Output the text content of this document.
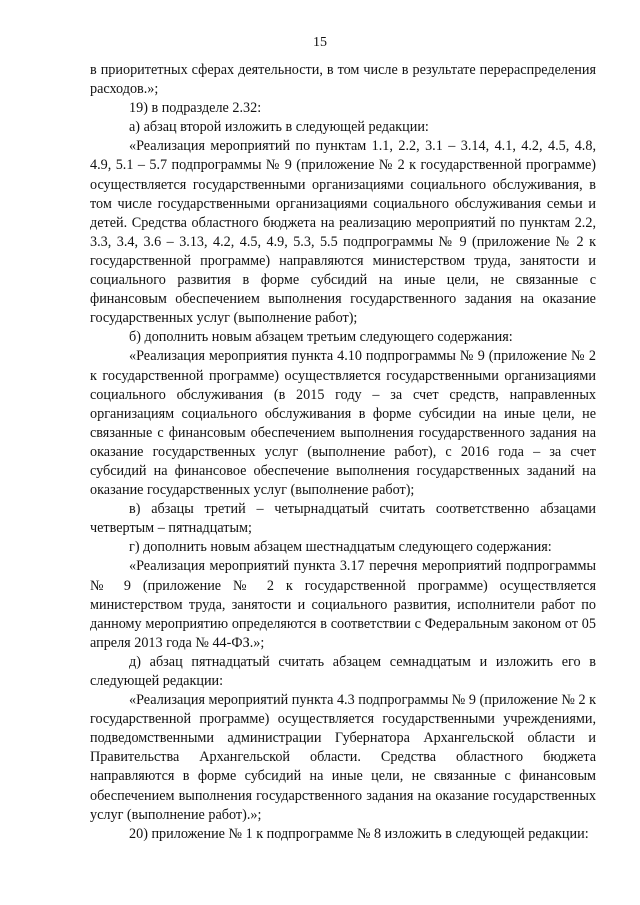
15

в приоритетных сферах деятельности, в том числе в результате перераспределения расходов.»;

19) в подразделе 2.32:

а) абзац второй изложить в следующей редакции:

«Реализация мероприятий по пунктам 1.1, 2.2, 3.1 – 3.14, 4.1, 4.2, 4.5, 4.8, 4.9, 5.1 – 5.7 подпрограммы № 9 (приложение № 2 к государственной программе) осуществляется государственными организациями социального обслуживания, в том числе государственными организациями социального обслуживания семьи и детей. Средства областного бюджета на реализацию мероприятий по пунктам 2.2, 3.3, 3.4, 3.6 – 3.13, 4.2, 4.5, 4.9, 5.3, 5.5 подпрограммы № 9 (приложение № 2 к государственной программе) направляются министерством труда, занятости и социального развития в форме субсидий на иные цели, не связанные с финансовым обеспечением выполнения государственного задания на оказание государственных услуг (выполнение работ);

б) дополнить новым абзацем третьим следующего содержания:

«Реализация мероприятия пункта 4.10 подпрограммы № 9 (приложение № 2 к государственной программе) осуществляется государственными организациями социального обслуживания (в 2015 году – за счет средств, направленных организациям социального обслуживания в форме субсидии на иные цели, не связанные с финансовым обеспечением выполнения государственного задания на оказание государственных услуг (выполнение работ), с 2016 года – за счет субсидий на финансовое обеспечение выполнения государственных заданий на оказание государственных услуг (выполнение работ);

в) абзацы третий – четырнадцатый считать соответственно абзацами четвертым – пятнадцатым;

г) дополнить новым абзацем шестнадцатым следующего содержания:

«Реализация мероприятий пункта 3.17 перечня мероприятий подпрограммы № 9 (приложение № 2 к государственной программе) осуществляется министерством труда, занятости и социального развития, исполнители работ по данному мероприятию определяются в соответствии с Федеральным законом от 05 апреля 2013 года № 44-ФЗ.»;

д) абзац пятнадцатый считать абзацем семнадцатым и изложить его в следующей редакции:

«Реализация мероприятий пункта 4.3 подпрограммы № 9 (приложение № 2 к государственной программе) осуществляется государственными учреждениями, подведомственными администрации Губернатора Архангельской области и Правительства Архангельской области. Средства областного бюджета направляются в форме субсидий на иные цели, не связанные с финансовым обеспечением выполнения государственного задания на оказание государственных услуг (выполнение работ).»;

20) приложение № 1 к подпрограмме № 8 изложить в следующей редакции:
